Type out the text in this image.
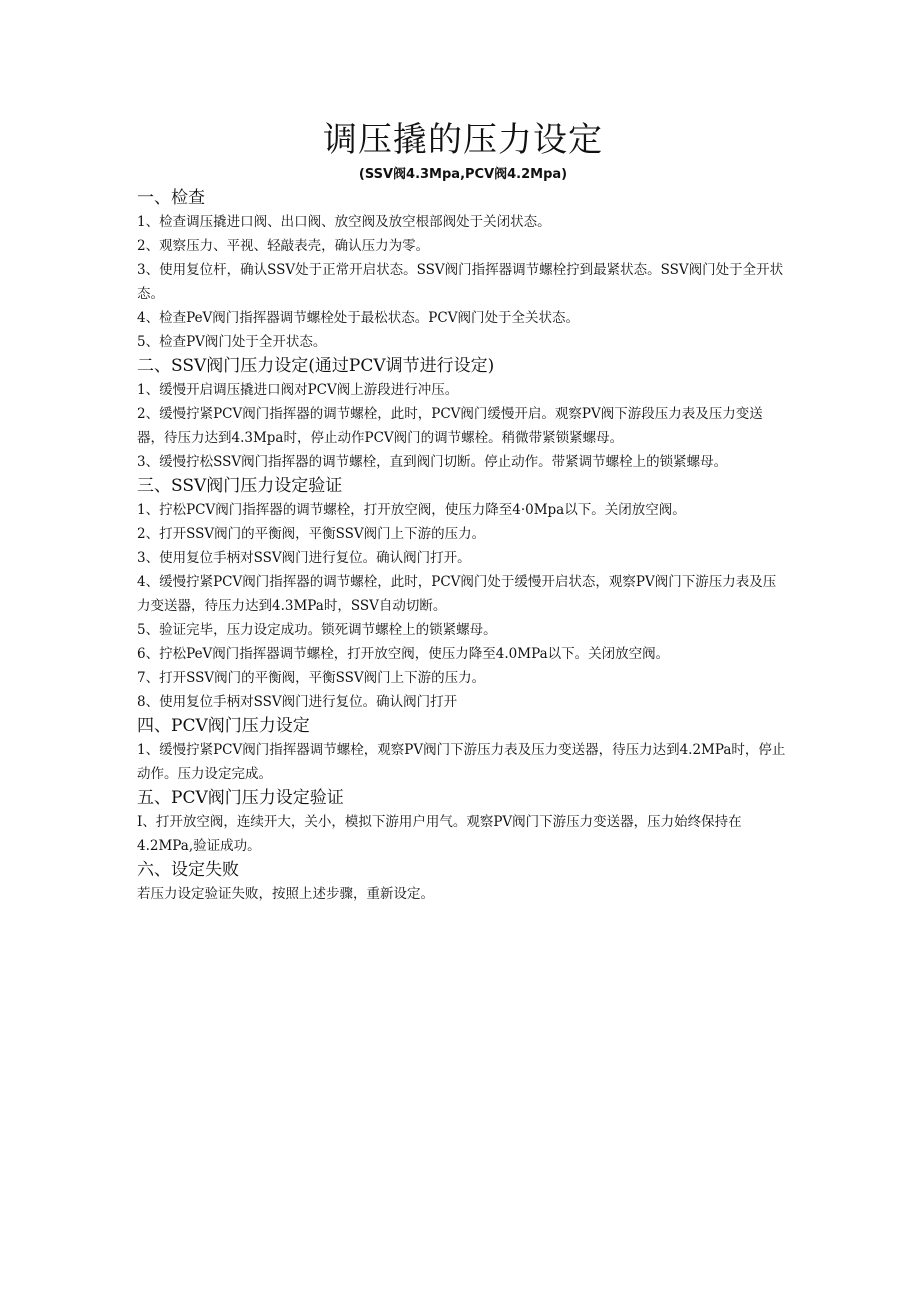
调压撬的压力设定
(SSV阀4.3Mpa,PCV阀4.2Mpa)
一、检查

1、检查调压撬进口阀、出口阀、放空阀及放空根部阀处于关闭状态。

2、观察压力、平视、轻敲表壳，确认压力为零。

3、使用复位杆，确认SSV处于正常开启状态。SSV阀门指挥器调节螺栓拧到最紧状态。SSV阀门处于全开状态。

4、检查PeV阀门指挥器调节螺栓处于最松状态。PCV阀门处于全关状态。

5、检查PV阀门处于全开状态。

二、SSV阀门压力设定(通过PCV调节进行设定)

1、缓慢开启调压撬进口阀对PCV阀上游段进行冲压。

2、缓慢拧紧PCV阀门指挥器的调节螺栓，此时，PCV阀门缓慢开启。观察PV阀下游段压力表及压力变送器，待压力达到4.3Mpa时，停止动作PCV阀门的调节螺栓。稍微带紧锁紧螺母。

3、缓慢拧松SSV阀门指挥器的调节螺栓，直到阀门切断。停止动作。带紧调节螺栓上的锁紧螺母。

三、SSV阀门压力设定验证

1、拧松PCV阀门指挥器的调节螺栓，打开放空阀，使压力降至4·0Mpa以下。关闭放空阀。

2、打开SSV阀门的平衡阀，平衡SSV阀门上下游的压力。

3、使用复位手柄对SSV阀门进行复位。确认阀门打开。

4、缓慢拧紧PCV阀门指挥器的调节螺栓，此时，PCV阀门处于缓慢开启状态，观察PV阀门下游压力表及压力变送器，待压力达到4.3MPa时，SSV自动切断。

5、验证完毕，压力设定成功。锁死调节螺栓上的锁紧螺母。

6、拧松PeV阀门指挥器调节螺栓，打开放空阀，使压力降至4.0MPa以下。关闭放空阀。

7、打开SSV阀门的平衡阀，平衡SSV阀门上下游的压力。

8、使用复位手柄对SSV阀门进行复位。确认阀门打开

四、PCV阀门压力设定

1、缓慢拧紧PCV阀门指挥器调节螺栓，观察PV阀门下游压力表及压力变送器，待压力达到4.2MPa时，停止动作。压力设定完成。

五、PCV阀门压力设定验证

I、打开放空阀，连续开大，关小，模拟下游用户用气。观察PV阀门下游压力变送器，压力始终保持在4.2MPa,验证成功。

六、设定失败

若压力设定验证失败，按照上述步骤，重新设定。
